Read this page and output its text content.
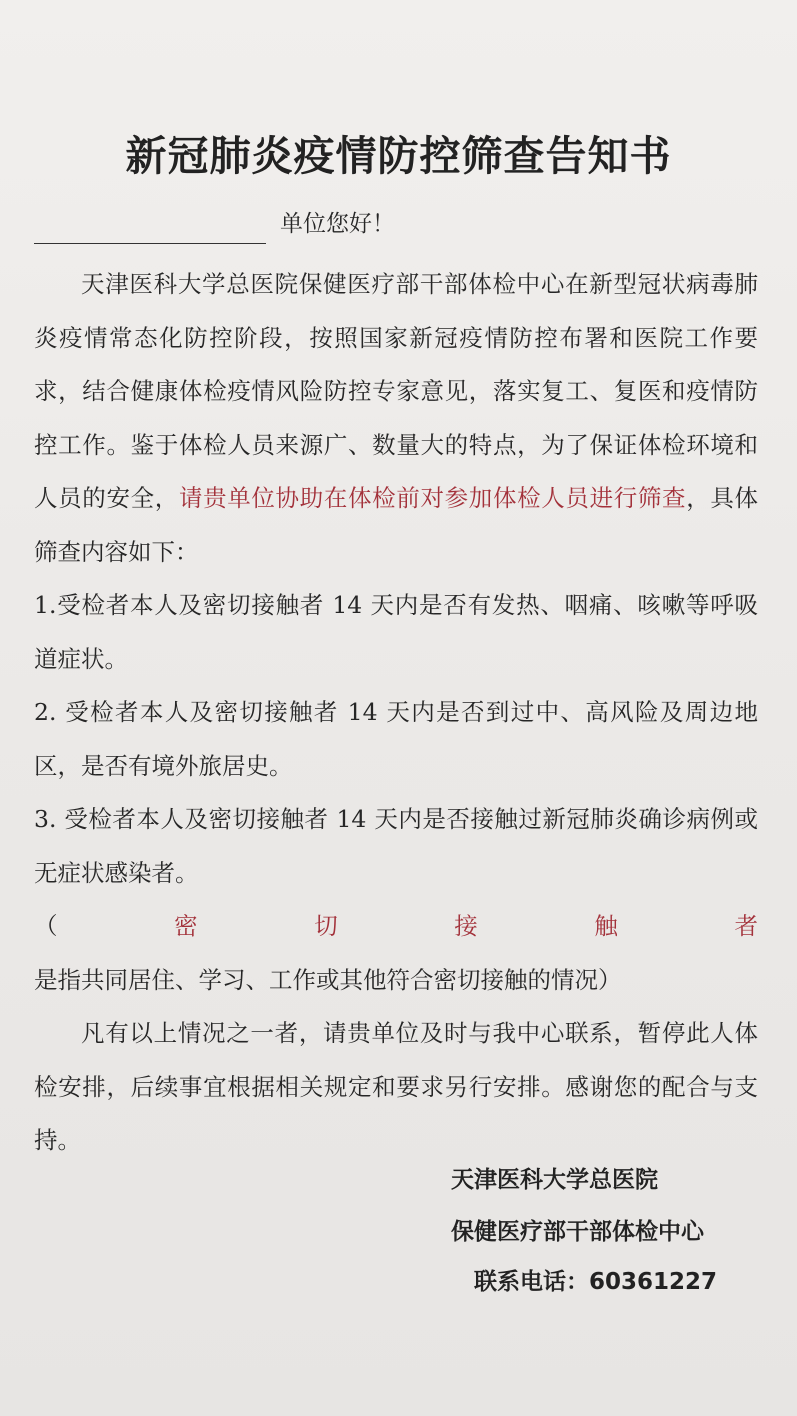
新冠肺炎疫情防控筛查告知书
单位您好！

天津医科大学总医院保健医疗部干部体检中心在新型冠状病毒肺炎疫情常态化防控阶段，按照国家新冠疫情防控布署和医院工作要求，结合健康体检疫情风险防控专家意见，落实复工、复医和疫情防控工作。鉴于体检人员来源广、数量大的特点，为了保证体检环境和人员的安全，请贵单位协助在体检前对参加体检人员进行筛查，具体筛查内容如下：

1.受检者本人及密切接触者 14 天内是否有发热、咽痛、咳嗽等呼吸道症状。

2. 受检者本人及密切接触者 14 天内是否到过中、高风险及周边地区，是否有境外旅居史。

3. 受检者本人及密切接触者 14 天内是否接触过新冠肺炎确诊病例或无症状感染者。

（密切接触者是指共同居住、学习、工作或其他符合密切接触的情况）

凡有以上情况之一者，请贵单位及时与我中心联系，暂停此人体检安排，后续事宜根据相关规定和要求另行安排。感谢您的配合与支持。

天津医科大学总医院
保健医疗部干部体检中心
联系电话：60361227
